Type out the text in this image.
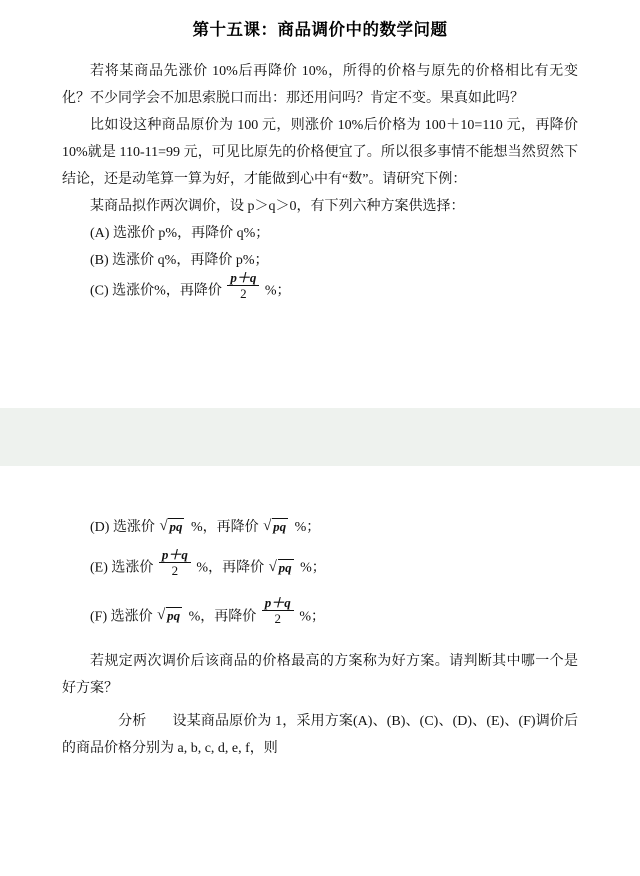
第十五课：商品调价中的数学问题

若将某商品先涨价 10%后再降价 10%，所得的价格与原先的价格相比有无变化？不少同学会不加思索脱口而出：那还用问吗？肯定不变。果真如此吗？

比如设这种商品原价为 100 元，则涨价 10%后价格为 100＋10=110 元，再降价 10%就是 110-11=99 元，可见比原先的价格便宜了。所以很多事情不能想当然贸然下结论，还是动笔算一算为好，才能做到心中有“数”。请研究下例：

某商品拟作两次调价，设 p＞q＞0，有下列六种方案供选择：

(A) 选涨价 p%，再降价 q%；

(B) 选涨价 q%，再降价 p%；

(C) 选涨价%，再降价 $\frac{p+q}{2}$ %；

(D) 选涨价 √ pq %，再降价 √ pq %；

(E) 选涨价 $\frac{p+q}{2}$ %，再降价 √ pq %；

(F) 选涨价 √ pq %，再降价 $\frac{p+q}{2}$ %；

若规定两次调价后该商品的价格最高的方案称为好方案。请判断其中哪一个是好方案？

分析 设某商品原价为 1，采用方案(A)、(B)、(C)、(D)、(E)、(F)调价后的商品价格分别为 a, b, c, d, e, f，则
